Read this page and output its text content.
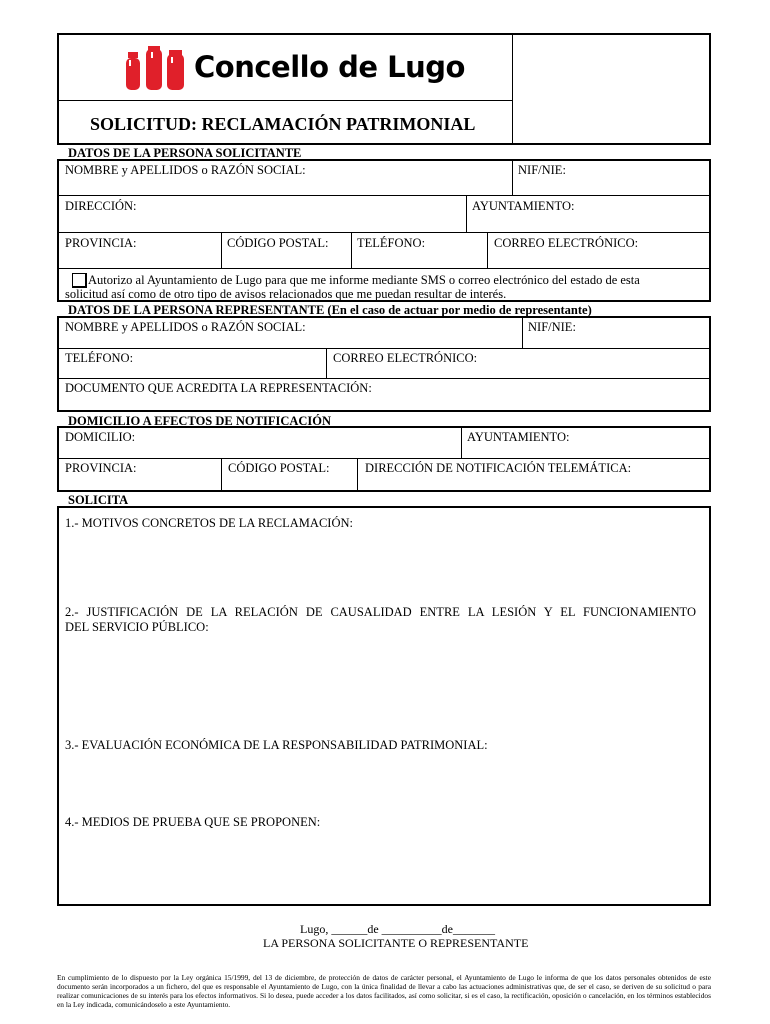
Concello de Lugo
SOLICITUD: RECLAMACIÓN PATRIMONIAL
DATOS DE LA PERSONA SOLICITANTE
NOMBRE y APELLIDOS o RAZÓN SOCIAL:	NIF/NIE:
DIRECCIÓN:	AYUNTAMIENTO:
PROVINCIA:	CÓDIGO POSTAL: TELÉFONO:	CORREO ELECTRÓNICO:
Autorizo al Ayuntamiento de Lugo para que me informe mediante SMS o correo electrónico del estado de esta
solicitud así como de otro tipo de avisos relacionados que me puedan resultar de interés.
DATOS DE LA PERSONA REPRESENTANTE (En el caso de actuar por medio de representante)
NOMBRE y APELLIDOS o RAZÓN SOCIAL:	NIF/NIE:
TELÉFONO:	CORREO ELECTRÓNICO:
DOCUMENTO QUE ACREDITA LA REPRESENTACIÓN:
DOMICILIO A EFECTOS DE NOTIFICACIÓN
DOMICILIO:	AYUNTAMIENTO:
PROVINCIA:	CÓDIGO POSTAL:	DIRECCIÓN DE NOTIFICACIÓN TELEMÁTICA:
SOLICITA
1.- MOTIVOS CONCRETOS DE LA RECLAMACIÓN:
2.- JUSTIFICACIÓN DE LA RELACIÓN DE CAUSALIDAD ENTRE LA LESIÓN Y EL FUNCIONAMIENTO
DEL SERVICIO PÚBLICO:
3.- EVALUACIÓN ECONÓMICA DE LA RESPONSABILIDAD PATRIMONIAL:
4.- MEDIOS DE PRUEBA QUE SE PROPONEN:
Lugo, ______de __________de_______
LA PERSONA SOLICITANTE O REPRESENTANTE
En cumplimiento de lo dispuesto por la Ley orgánica 15/1999, del 13 de diciembre, de protección de datos de carácter personal, el Ayuntamiento de Lugo le informa de que los datos personales obtenidos de este documento serán incorporados a un fichero, del que es responsable el Ayuntamiento de Lugo, con la única finalidad de llevar a cabo las actuaciones administrativas que, de ser el caso, se deriven de su solicitud o para realizar comunicaciones de su interés para los efectos informativos. Si lo desea, puede acceder a los datos facilitados, así como solicitar, si es el caso, la rectificación, oposición o cancelación, en los términos establecidos en la Ley indicada, comunicándoselo a este Ayuntamiento.
